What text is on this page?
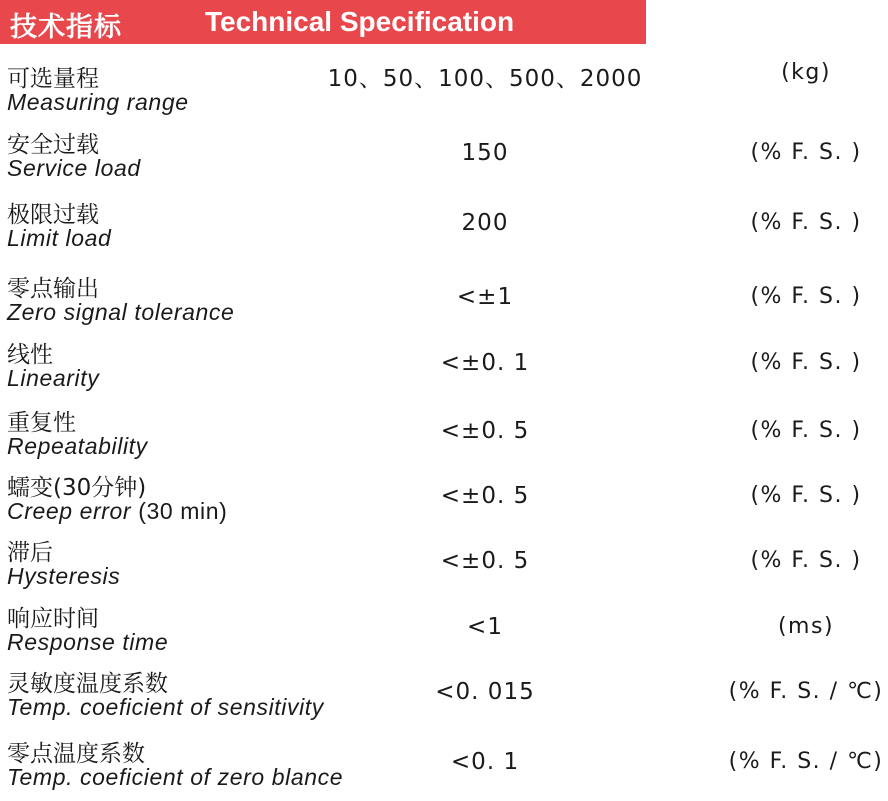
技术指标	Technical Specification
可选量程
Measuring range
10、50、100、500、2000	(kg)
安全过载
Service load
150	(% F. S. )
极限过载
Limit load
200	(% F. S. )
零点输出
Zero signal tolerance
<±1	(% F. S. )
线性
Linearity
<±0. 1	(% F. S. )
重复性
Repeatability
<±0. 5	(% F. S. )
蠕变(30分钟)
Creep error (30 min)
<±0. 5	(% F. S. )
滞后
Hysteresis
<±0. 5	(% F. S. )
响应时间
Response time
<1	(ms)
灵敏度温度系数
Temp. coeficient of sensitivity
<0. 015	(% F. S. / ℃)
零点温度系数
Temp. coeficient of zero blance
<0. 1	(% F. S. / ℃)
